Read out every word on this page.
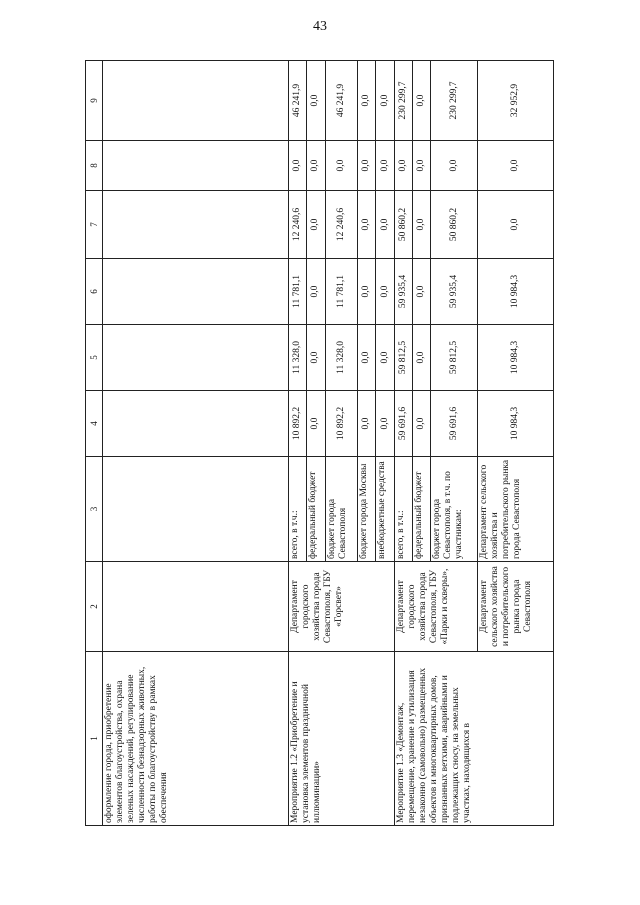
43
1	2	3	4	5	6	7	8	9
оформление города, приобретение элементов благоустройства, охрана зеленых насаждений, регулирование численности безнадзорных животных, работы по благоустройству в рамках обеспечения								
Мероприятие 1.2 «Приобретение и установка элементов праздничной иллюминации»	Департамент городского хозяйства города Севастополя, ГБУ «Горсвет»	всего, в т.ч.:	10 892,2	11 328,0	11 781,1	12 240,6	0,0	46 241,9
		федеральный бюджет	0,0	0,0	0,0	0,0	0,0	0,0
		бюджет города Севастополя	10 892,2	11 328,0	11 781,1	12 240,6	0,0	46 241,9
		бюджет города Москвы	0,0	0,0	0,0	0,0	0,0	0,0
		внебюджетные средства	0,0	0,0	0,0	0,0	0,0	0,0
Мероприятие 1.3 «Демонтаж, перемещение, хранение и утилизация незаконно (самовольно) размещенных объектов и многоквартирных домов, признанных ветхими, аварийными и подлежащих сносу, на земельных участках, находящихся в	Департамент городского хозяйства города Севастополя, ГБУ «Парки и скверы»,	всего, в т.ч.:	59 691,6	59 812,5	59 935,4	50 860,2	0,0	230 299,7
		федеральный бюджет	0,0	0,0	0,0	0,0	0,0	0,0
		бюджет города Севастополя, в т.ч. по участникам:	59 691,6	59 812,5	59 935,4	50 860,2	0,0	230 299,7
	Департамент сельского хозяйства и потребительского рынка города Севастополя	Департамент сельского хозяйства и потребительского рынка города Севастополя	10 984,3	10 984,3	10 984,3	0,0	0,0	32 952,9
